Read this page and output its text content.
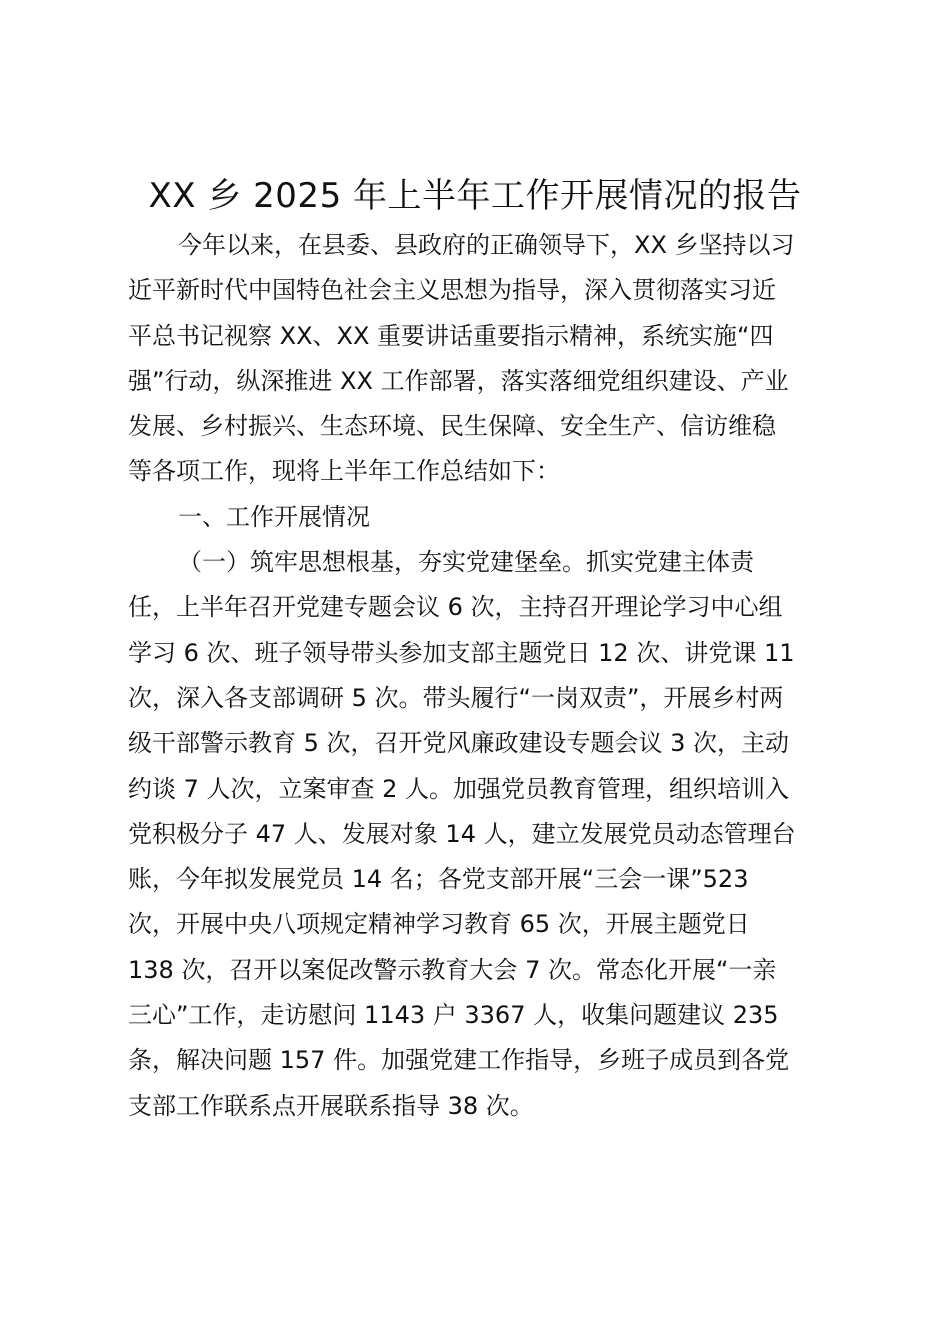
XX 乡 2025 年上半年工作开展情况的报告
今年以来，在县委、县政府的正确领导下，XX 乡坚持以习
近平新时代中国特色社会主义思想为指导，深入贯彻落实习近
平总书记视察 XX、XX 重要讲话重要指示精神，系统实施“四
强”行动，纵深推进 XX 工作部署，落实落细党组织建设、产业
发展、乡村振兴、生态环境、民生保障、安全生产、信访维稳
等各项工作，现将上半年工作总结如下：
一、工作开展情况
（一）筑牢思想根基，夯实党建堡垒。抓实党建主体责
任，上半年召开党建专题会议 6 次，主持召开理论学习中心组
学习 6 次、班子领导带头参加支部主题党日 12 次、讲党课 11
次，深入各支部调研 5 次。带头履行“一岗双责”，开展乡村两
级干部警示教育 5 次，召开党风廉政建设专题会议 3 次，主动
约谈 7 人次，立案审查 2 人。加强党员教育管理，组织培训入
党积极分子 47 人、发展对象 14 人，建立发展党员动态管理台
账，今年拟发展党员 14 名；各党支部开展“三会一课”523
次，开展中央八项规定精神学习教育 65 次，开展主题党日
138 次，召开以案促改警示教育大会 7 次。常态化开展“一亲
三心”工作，走访慰问 1143 户 3367 人，收集问题建议 235
条，解决问题 157 件。加强党建工作指导，乡班子成员到各党
支部工作联系点开展联系指导 38 次。
